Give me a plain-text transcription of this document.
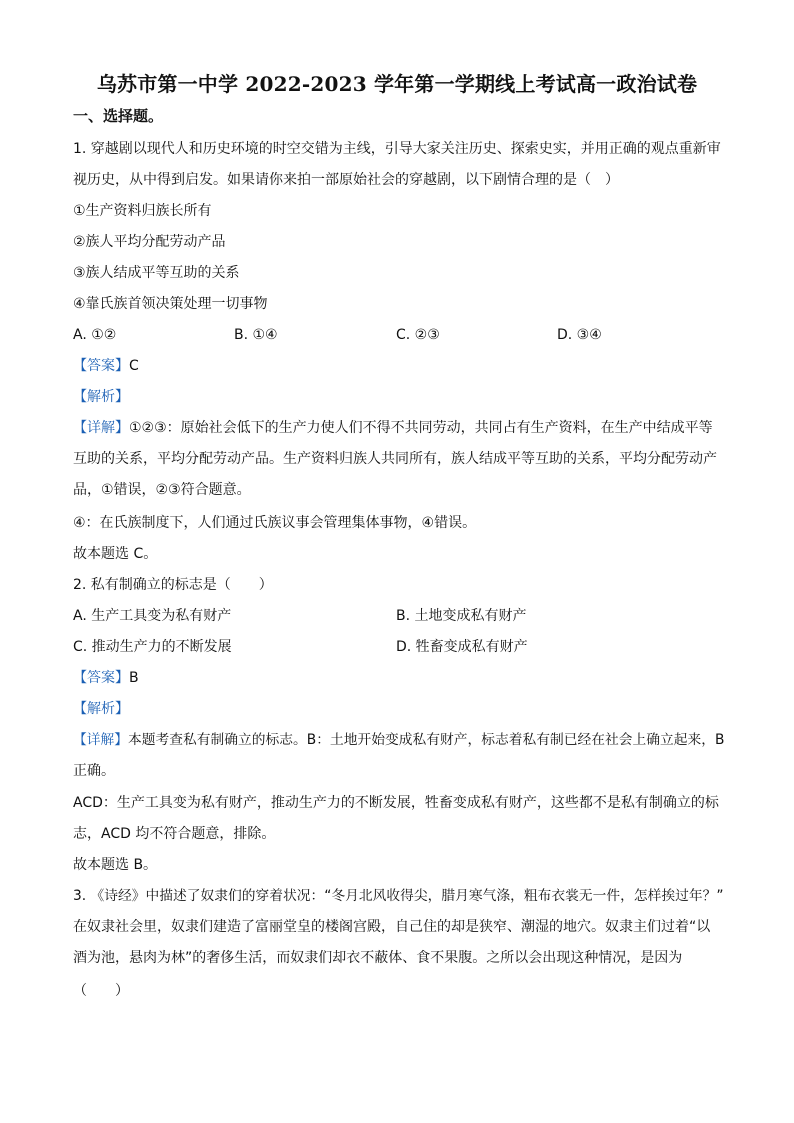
乌苏市第一中学 2022-2023 学年第一学期线上考试高一政治试卷
一、选择题。
1. 穿越剧以现代人和历史环境的时空交错为主线，引导大家关注历史、探索史实，并用正确的观点重新审
视历史，从中得到启发。如果请你来拍一部原始社会的穿越剧，以下剧情合理的是（　）
①生产资料归族长所有
②族人平均分配劳动产品
③族人结成平等互助的关系
④靠氏族首领决策处理一切事物
A. ①②	B. ①④	C. ②③	D. ③④
【答案】C
【解析】
【详解】①②③：原始社会低下的生产力使人们不得不共同劳动，共同占有生产资料，在生产中结成平等
互助的关系，平均分配劳动产品。生产资料归族人共同所有，族人结成平等互助的关系，平均分配劳动产
品，①错误，②③符合题意。
④：在氏族制度下，人们通过氏族议事会管理集体事物，④错误。
故本题选 C。
2. 私有制确立的标志是（　　）
A. 生产工具变为私有财产	B. 土地变成私有财产
C. 推动生产力的不断发展	D. 牲畜变成私有财产
【答案】B
【解析】
【详解】本题考查私有制确立的标志。B：土地开始变成私有财产，标志着私有制已经在社会上确立起来，B
正确。
ACD：生产工具变为私有财产，推动生产力的不断发展，牲畜变成私有财产，这些都不是私有制确立的标
志，ACD 均不符合题意，排除。
故本题选 B。
3. 《诗经》中描述了奴隶们的穿着状况：“冬月北风收得尖，腊月寒气涤，粗布衣裳无一件，怎样挨过年？”
在奴隶社会里，奴隶们建造了富丽堂皇的楼阁宫殿，自己住的却是狭窄、潮湿的地穴。奴隶主们过着“以
酒为池，悬肉为林”的奢侈生活，而奴隶们却衣不蔽体、食不果腹。之所以会出现这种情况，是因为
（　　）
